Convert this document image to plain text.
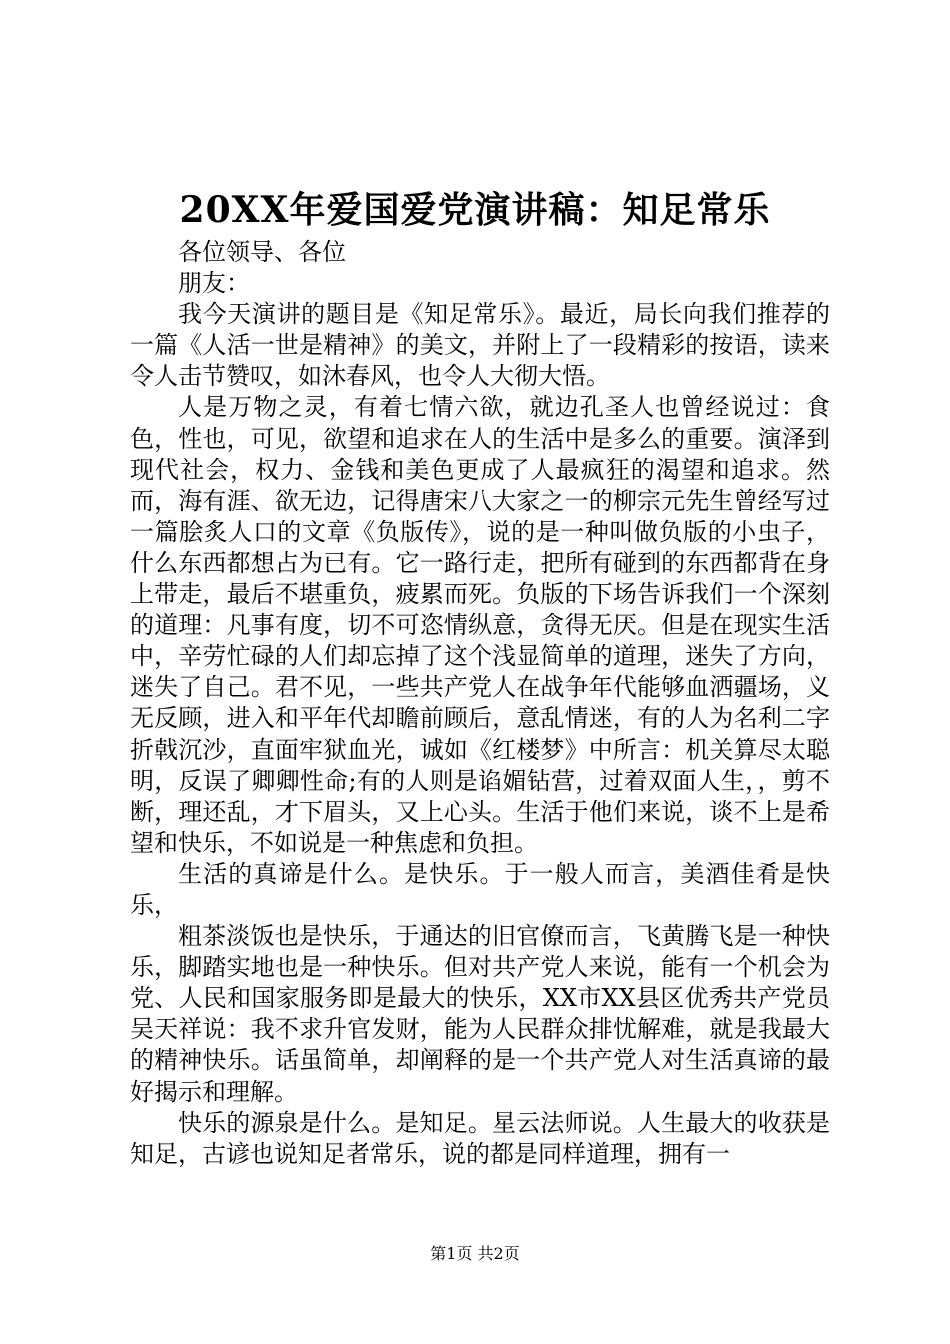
20XX年爱国爱党演讲稿：知足常乐

各位领导、各位

朋友：

我今天演讲的题目是《知足常乐》。最近，局长向我们推荐的一篇《人活一世是精神》的美文，并附上了一段精彩的按语，读来令人击节赞叹，如沐春风，也令人大彻大悟。

人是万物之灵，有着七情六欲，就边孔圣人也曾经说过：食色，性也，可见，欲望和追求在人的生活中是多么的重要。演泽到现代社会，权力、金钱和美色更成了人最疯狂的渴望和追求。然而，海有涯、欲无边，记得唐宋八大家之一的柳宗元先生曾经写过一篇脍炙人口的文章《负版传》，说的是一种叫做负版的小虫子，什么东西都想占为已有。它一路行走，把所有碰到的东西都背在身上带走，最后不堪重负，疲累而死。负版的下场告诉我们一个深刻的道理：凡事有度，切不可恣情纵意，贪得无厌。但是在现实生活中，辛劳忙碌的人们却忘掉了这个浅显简单的道理，迷失了方向，迷失了自己。君不见，一些共产党人在战争年代能够血洒疆场，义无反顾，进入和平年代却瞻前顾后，意乱情迷，有的人为名利二字折戟沉沙，直面牢狱血光，诚如《红楼梦》中所言：机关算尽太聪明，反误了卿卿性命;有的人则是谄媚钻营，过着双面人生，，剪不断，理还乱，才下眉头，又上心头。生活于他们来说，谈不上是希望和快乐，不如说是一种焦虑和负担。

生活的真谛是什么。是快乐。于一般人而言，美酒佳肴是快乐，

粗茶淡饭也是快乐，于通达的旧官僚而言，飞黄腾飞是一种快乐，脚踏实地也是一种快乐。但对共产党人来说，能有一个机会为党、人民和国家服务即是最大的快乐，XX市XX县区优秀共产党员吴天祥说：我不求升官发财，能为人民群众排忧解难，就是我最大的精神快乐。话虽简单，却阐释的是一个共产党人对生活真谛的最好揭示和理解。

快乐的源泉是什么。是知足。星云法师说。人生最大的收获是知足，古谚也说知足者常乐，说的都是同样道理，拥有一

第1页 共2页
